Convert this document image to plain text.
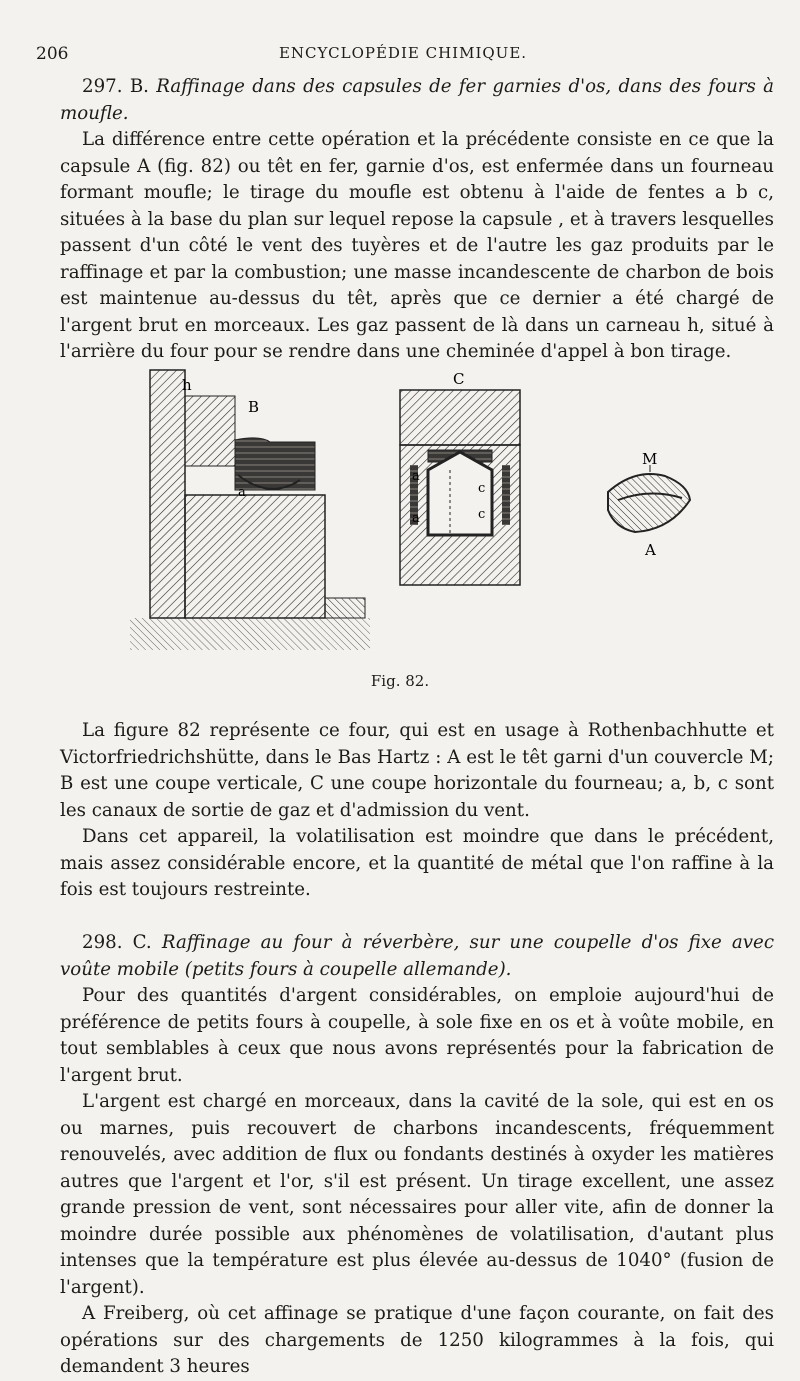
206	ENCYCLOPÉDIE CHIMIQUE.

297. B. Raffinage dans des capsules de fer garnies d'os, dans des fours à moufle.

La différence entre cette opération et la précédente consiste en ce que la capsule A (fig. 82) ou têt en fer, garnie d'os, est enfermée dans un fourneau formant moufle; le tirage du moufle est obtenu à l'aide de fentes a b c, situées à la base du plan sur lequel repose la capsule , et à travers lesquelles passent d'un côté le vent des tuyères et de l'autre les gaz produits par le raffinage et par la combustion; une masse incandescente de charbon de bois est maintenue au-dessus du têt, après que ce dernier a été chargé de l'argent brut en morceaux. Les gaz passent de là dans un carneau h, situé à l'arrière du four pour se rendre dans une cheminée d'appel à bon tirage.

h
B
C
a
a
a
c
c
M
A
Fig. 82.

La figure 82 représente ce four, qui est en usage à Rothenbachhutte et Victorfriedrichshütte, dans le Bas Hartz : A est le têt garni d'un couvercle M; B est une coupe verticale, C une coupe horizontale du fourneau; a, b, c sont les canaux de sortie de gaz et d'admission du vent.

Dans cet appareil, la volatilisation est moindre que dans le précédent, mais assez considérable encore, et la quantité de métal que l'on raffine à la fois est toujours restreinte.

298. C. Raffinage au four à réverbère, sur une coupelle d'os fixe avec voûte mobile (petits fours à coupelle allemande).

Pour des quantités d'argent considérables, on emploie aujourd'hui de préférence de petits fours à coupelle, à sole fixe en os et à voûte mobile, en tout semblables à ceux que nous avons représentés pour la fabrication de l'argent brut.

L'argent est chargé en morceaux, dans la cavité de la sole, qui est en os ou marnes, puis recouvert de charbons incandescents, fréquemment renouvelés, avec addition de flux ou fondants destinés à oxyder les matières autres que l'argent et l'or, s'il est présent. Un tirage excellent, une assez grande pression de vent, sont nécessaires pour aller vite, afin de donner la moindre durée possible aux phénomènes de volatilisation, d'autant plus intenses que la température est plus élevée au-dessus de 1040° (fusion de l'argent).

A Freiberg, où cet affinage se pratique d'une façon courante, on fait des opérations sur des chargements de 1250 kilogrammes à la fois, qui demandent 3 heures
